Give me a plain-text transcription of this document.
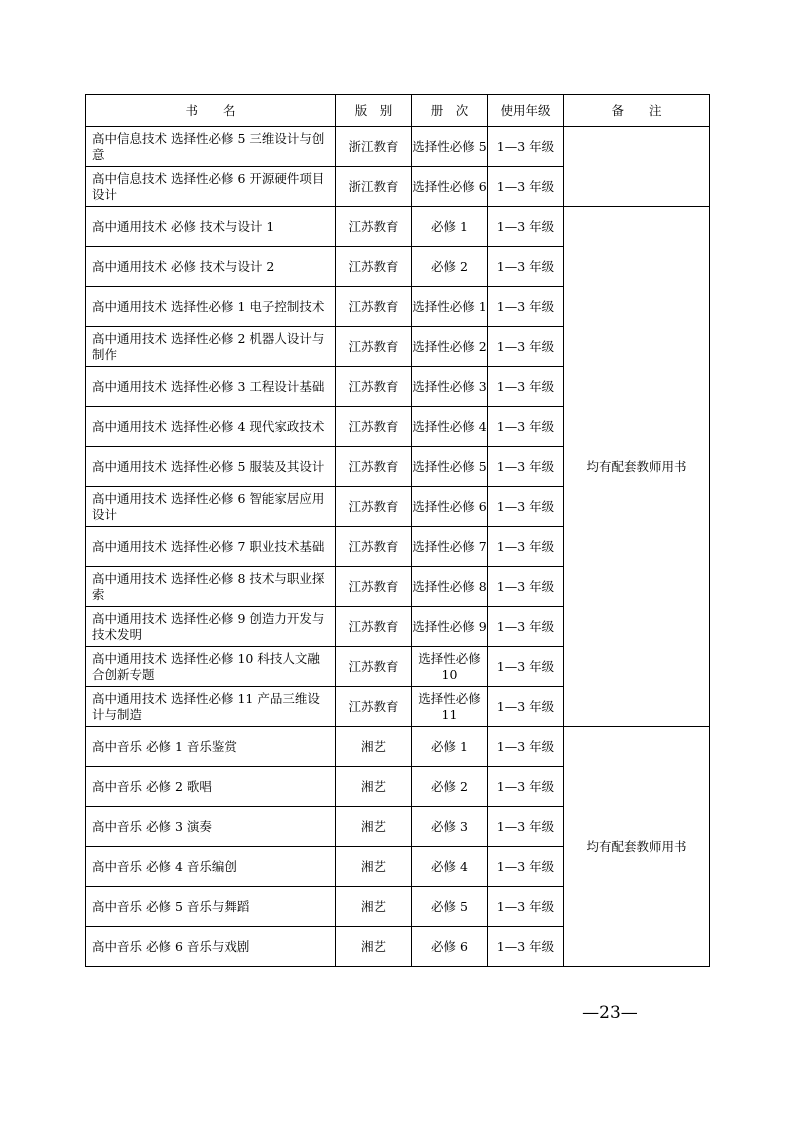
书　　名	版　别	册　次	使用年级	备　　注
高中信息技术 选择性必修 5 三维设计与创意	浙江教育	选择性必修 5	1—3 年级	
高中信息技术 选择性必修 6 开源硬件项目设计	浙江教育	选择性必修 6	1—3 年级	
高中通用技术 必修 技术与设计 1	江苏教育	必修 1	1—3 年级	均有配套教师用书
高中通用技术 必修 技术与设计 2	江苏教育	必修 2	1—3 年级	
高中通用技术 选择性必修 1 电子控制技术	江苏教育	选择性必修 1	1—3 年级	
高中通用技术 选择性必修 2 机器人设计与制作	江苏教育	选择性必修 2	1—3 年级	
高中通用技术 选择性必修 3 工程设计基础	江苏教育	选择性必修 3	1—3 年级	
高中通用技术 选择性必修 4 现代家政技术	江苏教育	选择性必修 4	1—3 年级	
高中通用技术 选择性必修 5 服装及其设计	江苏教育	选择性必修 5	1—3 年级	
高中通用技术 选择性必修 6 智能家居应用设计	江苏教育	选择性必修 6	1—3 年级	
高中通用技术 选择性必修 7 职业技术基础	江苏教育	选择性必修 7	1—3 年级	
高中通用技术 选择性必修 8 技术与职业探索	江苏教育	选择性必修 8	1—3 年级	
高中通用技术 选择性必修 9 创造力开发与技术发明	江苏教育	选择性必修 9	1—3 年级	
高中通用技术 选择性必修 10 科技人文融合创新专题	江苏教育	选择性必修 10	1—3 年级	
高中通用技术 选择性必修 11 产品三维设计与制造	江苏教育	选择性必修 11	1—3 年级	
高中音乐 必修 1 音乐鉴赏	湘艺	必修 1	1—3 年级	均有配套教师用书
高中音乐 必修 2 歌唱	湘艺	必修 2	1—3 年级	
高中音乐 必修 3 演奏	湘艺	必修 3	1—3 年级	
高中音乐 必修 4 音乐编创	湘艺	必修 4	1—3 年级	
高中音乐 必修 5 音乐与舞蹈	湘艺	必修 5	1—3 年级	
高中音乐 必修 6 音乐与戏剧	湘艺	必修 6	1—3 年级	
—23—
